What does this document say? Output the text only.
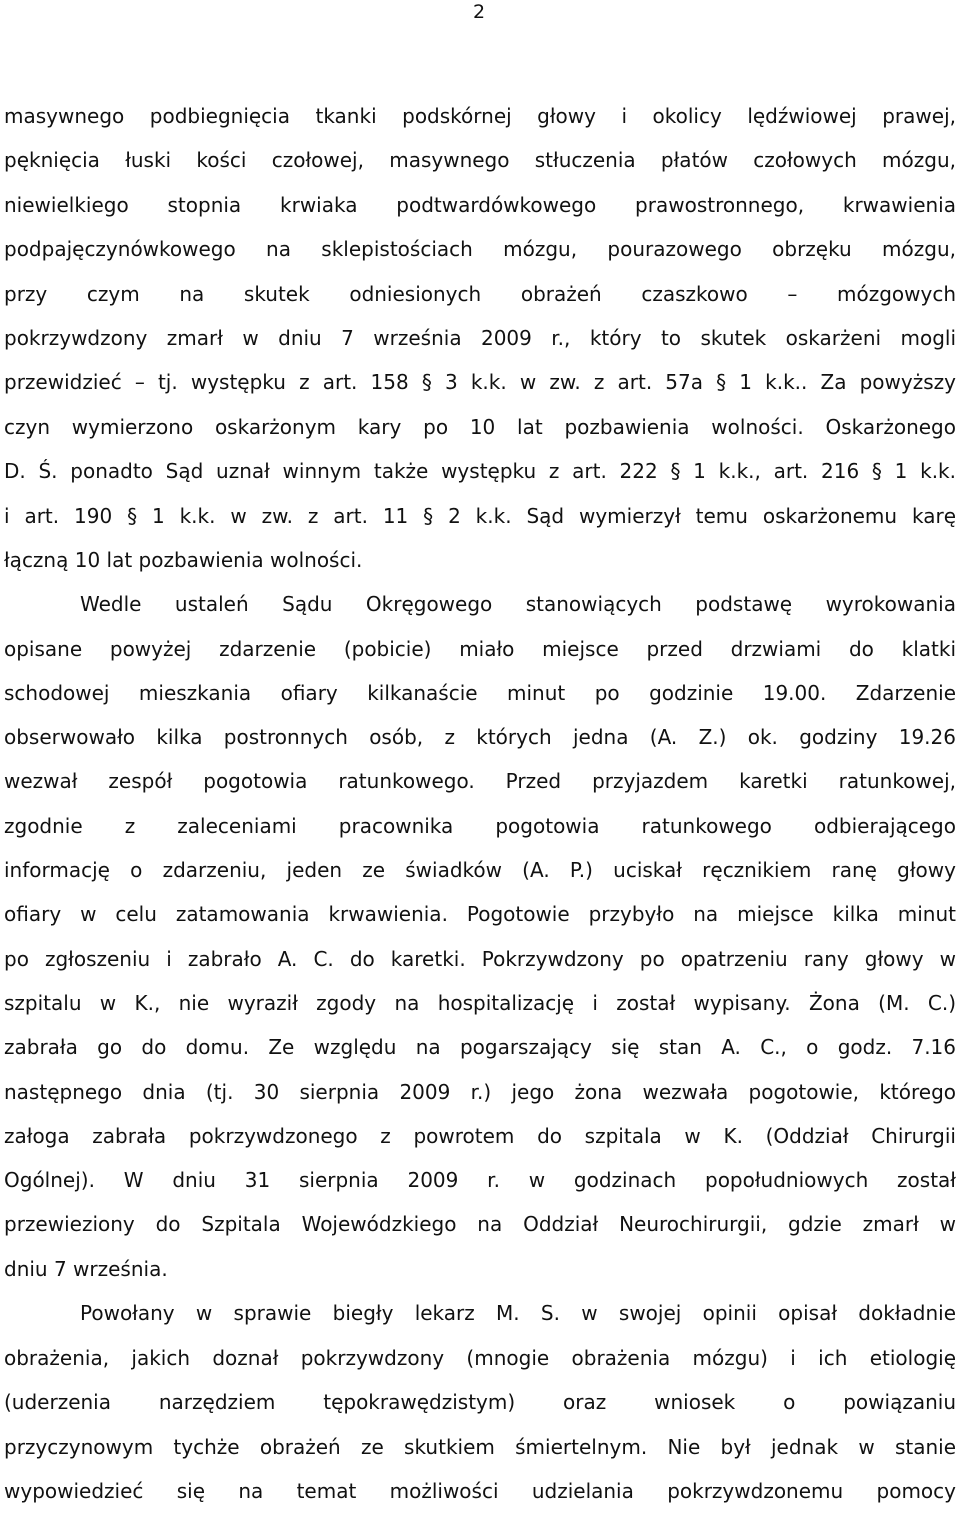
2
masywnego podbiegnięcia tkanki podskórnej głowy i okolicy lędźwiowej prawej,
pęknięcia łuski kości czołowej, masywnego stłuczenia płatów czołowych mózgu,
niewielkiego stopnia krwiaka podtwardówkowego prawostronnego, krwawienia
podpajęczynówkowego na sklepistościach mózgu, pourazowego obrzęku mózgu,
przy czym na skutek odniesionych obrażeń czaszkowo – mózgowych
pokrzywdzony zmarł w dniu 7 września 2009 r., który to skutek oskarżeni mogli
przewidzieć – tj. występku z art. 158 § 3 k.k. w zw. z art. 57a § 1 k.k.. Za powyższy
czyn wymierzono oskarżonym kary po 10 lat pozbawienia wolności. Oskarżonego
D. Ś. ponadto Sąd uznał winnym także występku z art. 222 § 1 k.k., art. 216 § 1 k.k.
i art. 190 § 1 k.k. w zw. z art. 11 § 2 k.k. Sąd wymierzył temu oskarżonemu karę
łączną 10 lat pozbawienia wolności.
Wedle ustaleń Sądu Okręgowego stanowiących podstawę wyrokowania
opisane powyżej zdarzenie (pobicie) miało miejsce przed drzwiami do klatki
schodowej mieszkania ofiary kilkanaście minut po godzinie 19.00. Zdarzenie
obserwowało kilka postronnych osób, z których jedna (A. Z.) ok. godziny 19.26
wezwał zespół pogotowia ratunkowego. Przed przyjazdem karetki ratunkowej,
zgodnie z zaleceniami pracownika pogotowia ratunkowego odbierającego
informację o zdarzeniu, jeden ze świadków (A. P.) uciskał ręcznikiem ranę głowy
ofiary w celu zatamowania krwawienia. Pogotowie przybyło na miejsce kilka minut
po zgłoszeniu i zabrało A. C. do karetki. Pokrzywdzony po opatrzeniu rany głowy w
szpitalu w K., nie wyraził zgody na hospitalizację i został wypisany. Żona (M. C.)
zabrała go do domu. Ze względu na pogarszający się stan A. C., o godz. 7.16
następnego dnia (tj. 30 sierpnia 2009 r.) jego żona wezwała pogotowie, którego
załoga zabrała pokrzywdzonego z powrotem do szpitala w K. (Oddział Chirurgii
Ogólnej). W dniu 31 sierpnia 2009 r. w godzinach popołudniowych został
przewieziony do Szpitala Wojewódzkiego na Oddział Neurochirurgii, gdzie zmarł w
dniu 7 września.
Powołany w sprawie biegły lekarz M. S. w swojej opinii opisał dokładnie
obrażenia, jakich doznał pokrzywdzony (mnogie obrażenia mózgu) i ich etiologię
(uderzenia narzędziem tępokrawędzistym) oraz wniosek o powiązaniu
przyczynowym tychże obrażeń ze skutkiem śmiertelnym. Nie był jednak w stanie
wypowiedzieć się na temat możliwości udzielania pokrzywdzonemu pomocy
